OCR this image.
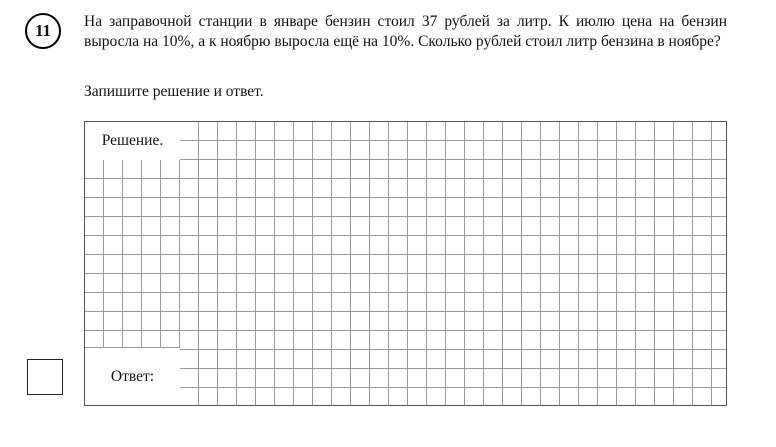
11 На заправочной станции в январе бензин стоил 37 рублей за литр. К июлю цена на бензин выросла на 10%, а к ноябрю выросла ещё на 10%. Сколько рублей стоил литр бензина в ноябре?
Запишите решение и ответ.
Решение.
Ответ:
